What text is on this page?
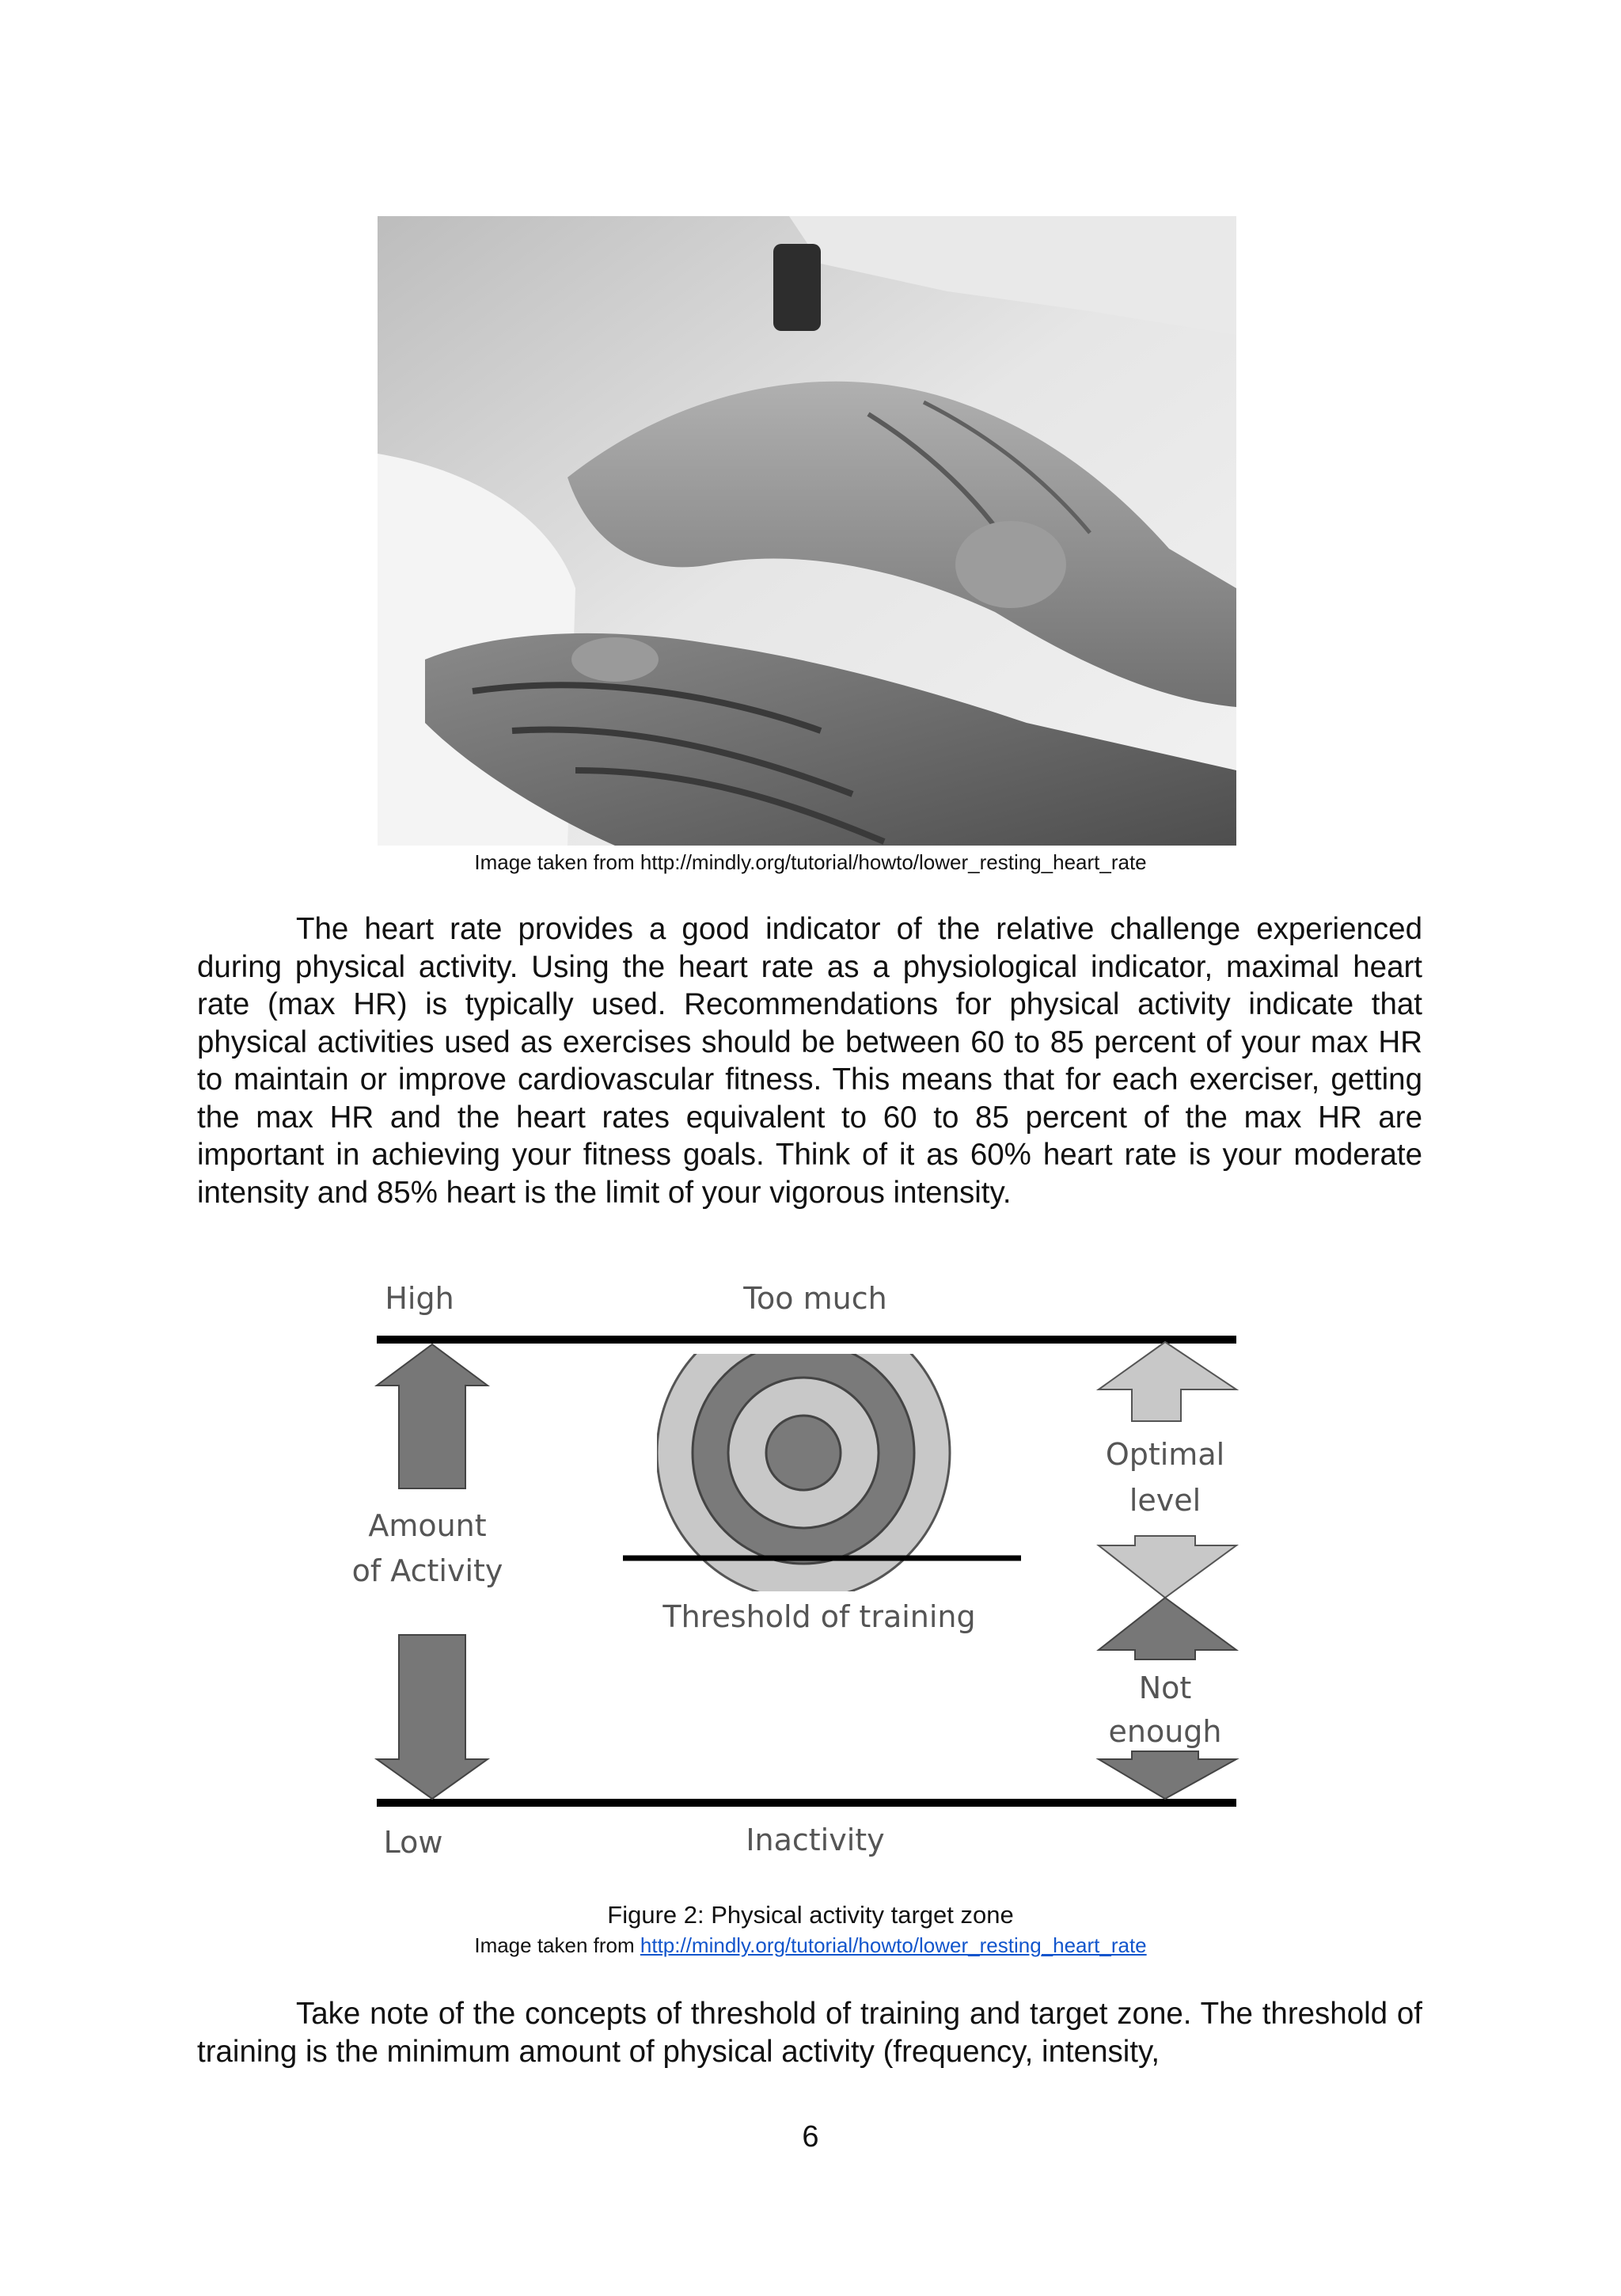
Image taken from http://mindly.org/tutorial/howto/lower_resting_heart_rate

The heart rate provides a good indicator of the relative challenge experienced during physical activity. Using the heart rate as a physiological indicator, maximal heart rate (max HR) is typically used. Recommendations for physical activity indicate that physical activities used as exercises should be between 60 to 85 percent of your max HR to maintain or improve cardiovascular fitness. This means that for each exerciser, getting the max HR and the heart rates equivalent to 60 to 85 percent of the max HR are important in achieving your fitness goals. Think of it as 60% heart rate is your moderate intensity and 85% heart is the limit of your vigorous intensity.

High	Too much
Amount
of Activity
Threshold of training
Optimal
level
Not
enough
Low	Inactivity
Figure 2: Physical activity target zone
Image taken from http://mindly.org/tutorial/howto/lower_resting_heart_rate

Take note of the concepts of threshold of training and target zone. The threshold of training is the minimum amount of physical activity (frequency, intensity,

6
